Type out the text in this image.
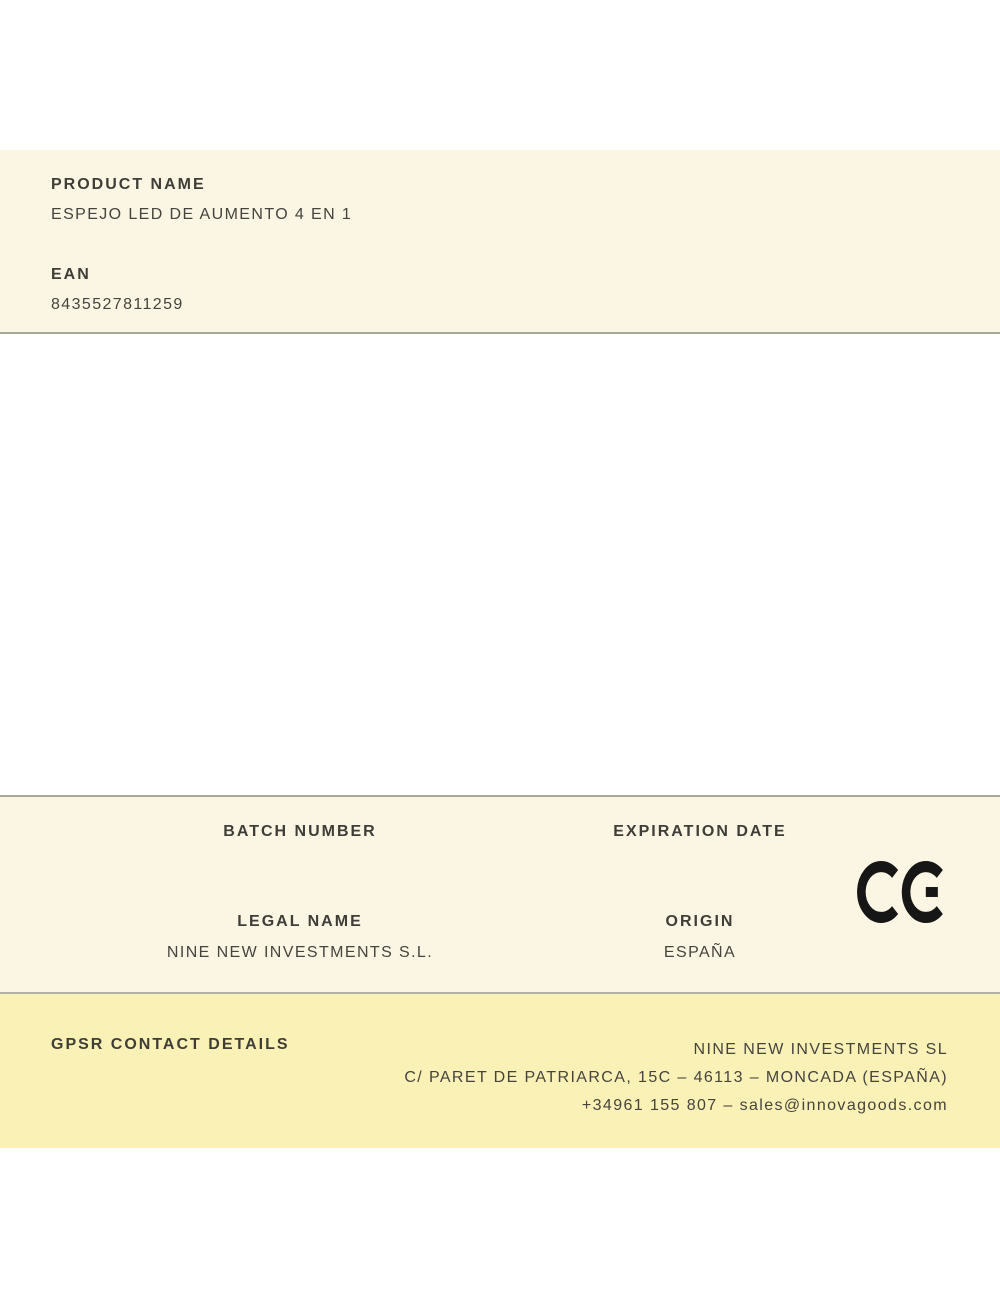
PRODUCT NAME
ESPEJO LED DE AUMENTO 4 EN 1
EAN
8435527811259
BATCH NUMBER	EXPIRATION DATE
LEGAL NAME
NINE NEW INVESTMENTS S.L.
ORIGIN
ESPAÑA
GPSR CONTACT DETAILS	NINE NEW INVESTMENTS SL
C/ PARET DE PATRIARCA, 15C – 46113 – MONCADA (ESPAÑA)
+34961 155 807 – sales@innovagoods.com
